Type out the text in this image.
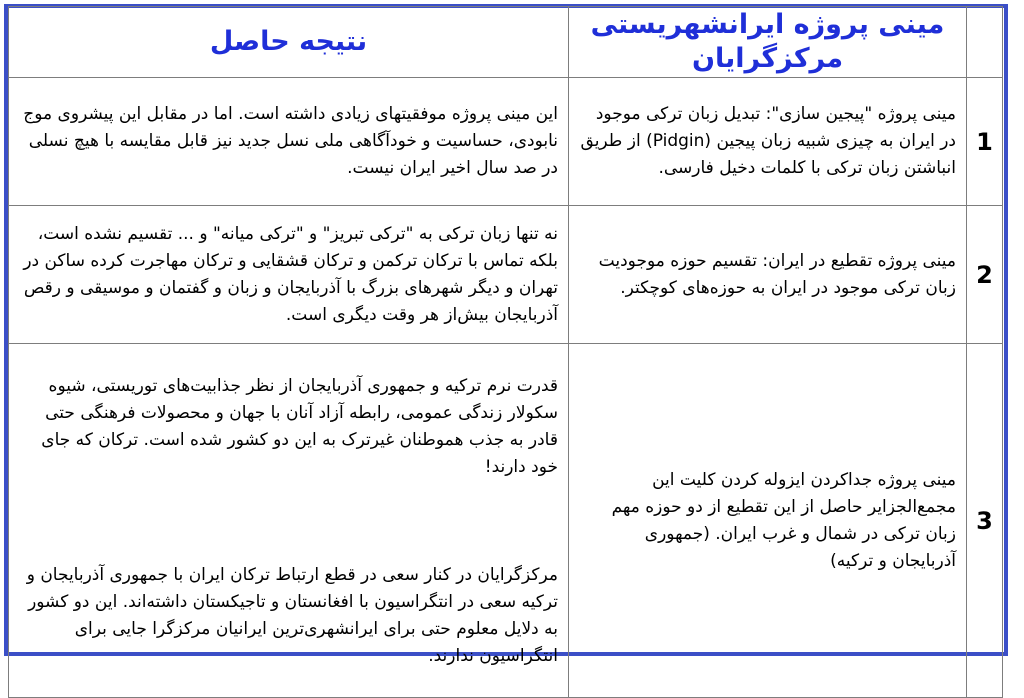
	مینی پروژه ایرانشهریستی مرکزگرایان	نتیجه حاصل
1	مینی پروژه "پیجین سازی": تبدیل زبان ترکی موجود در ایران به چیزی شبیه زبان پیجین (Pidgin) از طریق انباشتن زبان ترکی با کلمات دخیل فارسی.	این مینی پروژه موفقیتهای زیادی داشته است. اما در مقابل این پیشروی موج نابودی، حساسیت و خودآگاهی ملی نسل جدید نیز قابل مقایسه با هیچ نسلی در صد سال اخیر ایران نیست.
2	مینی پروژه تقطیع در ایران: تقسیم حوزه موجودیت زبان ترکی موجود در ایران به حوزه‌های کوچکتر.	نه تنها زبان ترکی به "ترکی تبریز" و "ترکی میانه" و ... تقسیم نشده است، بلکه تماس با ترکان ترکمن و ترکان قشقایی و ترکان مهاجرت کرده ساکن در تهران و دیگر شهرهای بزرگ با آذربایجان و زبان و گفتمان و موسیقی و رقص آذربایجان بیش‌از هر وقت دیگری است.
3	مینی پروژه جداکردن ایزوله کردن کلیت این مجمع‌الجزایر حاصل از این تقطیع از دو حوزه مهم زبان ترکی در شمال و غرب ایران. (جمهوری آذربایجان و ترکیه)	قدرت نرم ترکیه و جمهوری آذربایجان از نظر جذابیت‌های توریستی، شیوه سکولار زندگی عمومی، رابطه آزاد آنان با جهان و محصولات فرهنگی حتی قادر به جذب هموطنان غیرترک به این دو کشور شده است. ترکان که جای خود دارند!

مرکزگرایان در کنار سعی در قطع ارتباط ترکان ایران با جمهوری آذربایجان و ترکیه سعی در انتگراسیون با افغانستان و تاجیکستان داشته‌اند. این دو کشور به دلایل معلوم حتی برای ایرانشهری‌ترین ایرانیان مرکزگرا جایی برای انتگراسیون ندارند.
